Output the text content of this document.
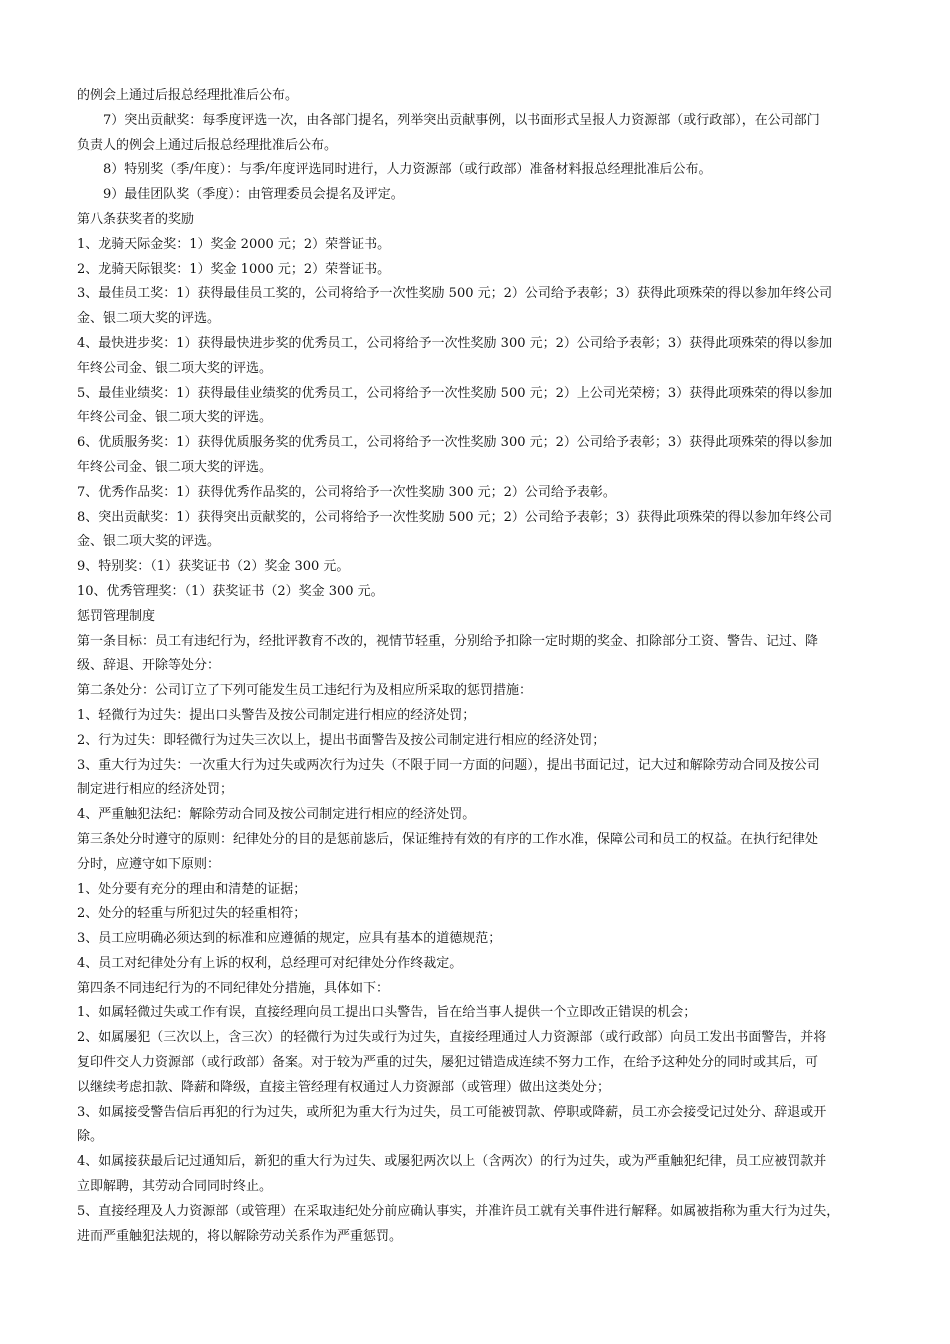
的例会上通过后报总经理批准后公布。
7）突出贡献奖：每季度评选一次，由各部门提名，列举突出贡献事例，以书面形式呈报人力资源部（或行政部），在公司部门
负责人的例会上通过后报总经理批准后公布。
8）特别奖（季/年度）：与季/年度评选同时进行，人力资源部（或行政部）准备材料报总经理批准后公布。
9）最佳团队奖（季度）：由管理委员会提名及评定。
第八条获奖者的奖励
1、龙骑天际金奖：1）奖金 2000 元；2）荣誉证书。
2、龙骑天际银奖：1）奖金 1000 元；2）荣誉证书。
3、最佳员工奖：1）获得最佳员工奖的，公司将给予一次性奖励 500 元；2）公司给予表彰；3）获得此项殊荣的得以参加年终公司
金、银二项大奖的评选。
4、最快进步奖：1）获得最快进步奖的优秀员工，公司将给予一次性奖励 300 元；2）公司给予表彰；3）获得此项殊荣的得以参加
年终公司金、银二项大奖的评选。
5、最佳业绩奖：1）获得最佳业绩奖的优秀员工，公司将给予一次性奖励 500 元；2）上公司光荣榜；3）获得此项殊荣的得以参加
年终公司金、银二项大奖的评选。
6、优质服务奖：1）获得优质服务奖的优秀员工，公司将给予一次性奖励 300 元；2）公司给予表彰；3）获得此项殊荣的得以参加
年终公司金、银二项大奖的评选。
7、优秀作品奖：1）获得优秀作品奖的，公司将给予一次性奖励 300 元；2）公司给予表彰。
8、突出贡献奖：1）获得突出贡献奖的，公司将给予一次性奖励 500 元；2）公司给予表彰；3）获得此项殊荣的得以参加年终公司
金、银二项大奖的评选。
9、特别奖：（1）获奖证书（2）奖金 300 元。
10、优秀管理奖：（1）获奖证书（2）奖金 300 元。
惩罚管理制度
第一条目标：员工有违纪行为，经批评教育不改的，视情节轻重，分别给予扣除一定时期的奖金、扣除部分工资、警告、记过、降
级、辞退、开除等处分：
第二条处分：公司订立了下列可能发生员工违纪行为及相应所采取的惩罚措施：
1、轻微行为过失：提出口头警告及按公司制定进行相应的经济处罚；
2、行为过失：即轻微行为过失三次以上，提出书面警告及按公司制定进行相应的经济处罚；
3、重大行为过失：一次重大行为过失或两次行为过失（不限于同一方面的问题），提出书面记过，记大过和解除劳动合同及按公司
制定进行相应的经济处罚；
4、严重触犯法纪：解除劳动合同及按公司制定进行相应的经济处罚。
第三条处分时遵守的原则：纪律处分的目的是惩前毖后，保证维持有效的有序的工作水准，保障公司和员工的权益。在执行纪律处
分时，应遵守如下原则：
1、处分要有充分的理由和清楚的证据；
2、处分的轻重与所犯过失的轻重相符；
3、员工应明确必须达到的标准和应遵循的规定，应具有基本的道德规范；
4、员工对纪律处分有上诉的权利，总经理可对纪律处分作终裁定。
第四条不同违纪行为的不同纪律处分措施，具体如下：
1、如属轻微过失或工作有误，直接经理向员工提出口头警告，旨在给当事人提供一个立即改正错误的机会；
2、如属屡犯（三次以上，含三次）的轻微行为过失或行为过失，直接经理通过人力资源部（或行政部）向员工发出书面警告，并将
复印件交人力资源部（或行政部）备案。对于较为严重的过失，屡犯过错造成连续不努力工作，在给予这种处分的同时或其后，可
以继续考虑扣款、降薪和降级，直接主管经理有权通过人力资源部（或管理）做出这类处分；
3、如属接受警告信后再犯的行为过失，或所犯为重大行为过失，员工可能被罚款、停职或降薪，员工亦会接受记过处分、辞退或开
除。
4、如属接获最后记过通知后，新犯的重大行为过失、或屡犯两次以上（含两次）的行为过失，或为严重触犯纪律，员工应被罚款并
立即解聘，其劳动合同同时终止。
5、直接经理及人力资源部（或管理）在采取违纪处分前应确认事实，并准许员工就有关事件进行解释。如属被指称为重大行为过失，
进而严重触犯法规的，将以解除劳动关系作为严重惩罚。
